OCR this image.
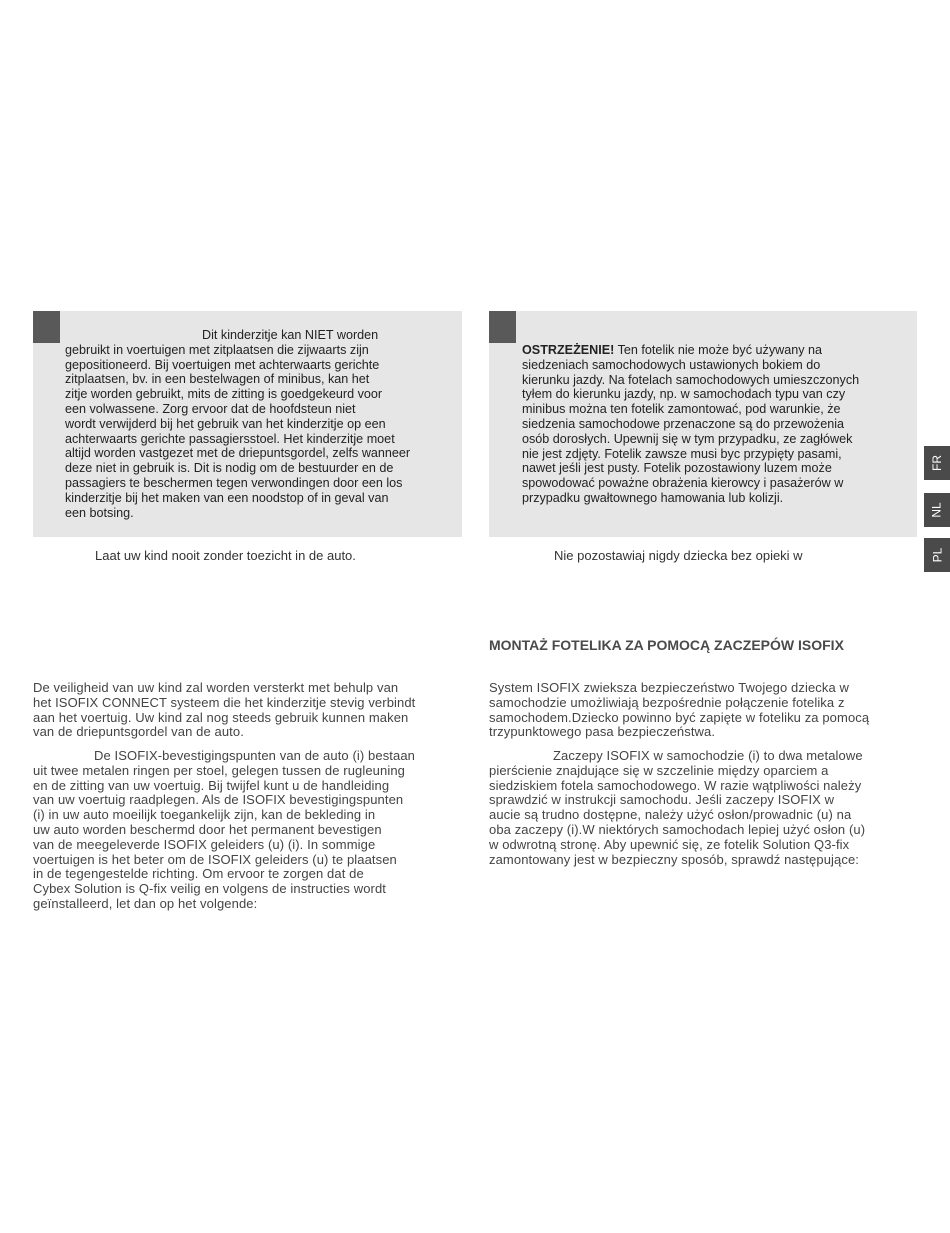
Dit kinderzitje kan NIET worden
gebruikt in voertuigen met zitplaatsen die zijwaarts zijn
gepositioneerd. Bij voertuigen met achterwaarts gerichte
zitplaatsen, bv. in een bestelwagen of minibus, kan het
zitje worden gebruikt, mits de zitting is goedgekeurd voor
een volwassene. Zorg ervoor dat de hoofdsteun niet
wordt verwijderd bij het gebruik van het kinderzitje op een
achterwaarts gerichte passagiersstoel. Het kinderzitje moet
altijd worden vastgezet met de driepuntsgordel, zelfs wanneer
deze niet in gebruik is. Dit is nodig om de bestuurder en de
passagiers te beschermen tegen verwondingen door een los
kinderzitje bij het maken van een noodstop of in geval van
een botsing.
OSTRZEŻENIE! Ten fotelik nie może być używany na
siedzeniach samochodowych ustawionych bokiem do
kierunku jazdy. Na fotelach samochodowych umieszczonych
tyłem do kierunku jazdy, np. w samochodach typu van czy
minibus można ten fotelik zamontować, pod warunkie, że
siedzenia samochodowe przenaczone są do przewożenia
osób dorosłych. Upewnij się w tym przypadku, ze zagłówek
nie jest zdjęty. Fotelik zawsze musi byc przypięty pasami,
nawet jeśli jest pusty. Fotelik pozostawiony luzem może
spowodować poważne obrażenia kierowcy i pasażerów w
przypadku gwałtownego hamowania lub kolizji.
Laat uw kind nooit zonder toezicht in de auto.	Nie pozostawiaj nigdy dziecka bez opieki w
MONTAŻ FOTELIKA ZA POMOCĄ ZACZEPÓW ISOFIX
De veiligheid van uw kind zal worden versterkt met behulp van
het ISOFIX CONNECT systeem die het kinderzitje stevig verbindt
aan het voertuig. Uw kind zal nog steeds gebruik kunnen maken
van de driepuntsgordel van de auto.
De ISOFIX-bevestigingspunten van de auto (i) bestaan
uit twee metalen ringen per stoel, gelegen tussen de rugleuning
en de zitting van uw voertuig. Bij twijfel kunt u de handleiding
van uw voertuig raadplegen. Als de ISOFIX bevestigingspunten
(i) in uw auto moeilijk toegankelijk zijn, kan de bekleding in
uw auto worden beschermd door het permanent bevestigen
van de meegeleverde ISOFIX geleiders (u) (i). In sommige
voertuigen is het beter om de ISOFIX geleiders (u) te plaatsen
in de tegengestelde richting. Om ervoor te zorgen dat de
Cybex Solution is Q-fix veilig en volgens de instructies wordt
geïnstalleerd, let dan op het volgende:
System ISOFIX zwieksza bezpieczeństwo Twojego dziecka w
samochodzie umożliwiają bezpośrednie połączenie fotelika z
samochodem.Dziecko powinno być zapięte w foteliku za pomocą
trzypunktowego pasa bezpieczeństwa.
Zaczepy ISOFIX w samochodzie (i) to dwa metalowe
pierścienie znajdujące się w szczelinie między oparciem a
siedziskiem fotela samochodowego. W razie wątpliwości należy
sprawdzić w instrukcji samochodu. Jeśli zaczepy ISOFIX w
aucie są trudno dostępne, należy użyć osłon/prowadnic (u) na
oba zaczepy (i).W niektórych samochodach lepiej użyć osłon (u)
w odwrotną stronę. Aby upewnić się, ze fotelik Solution Q3-fix
zamontowany jest w bezpieczny sposób, sprawdź następujące:
FR
NL
PL
